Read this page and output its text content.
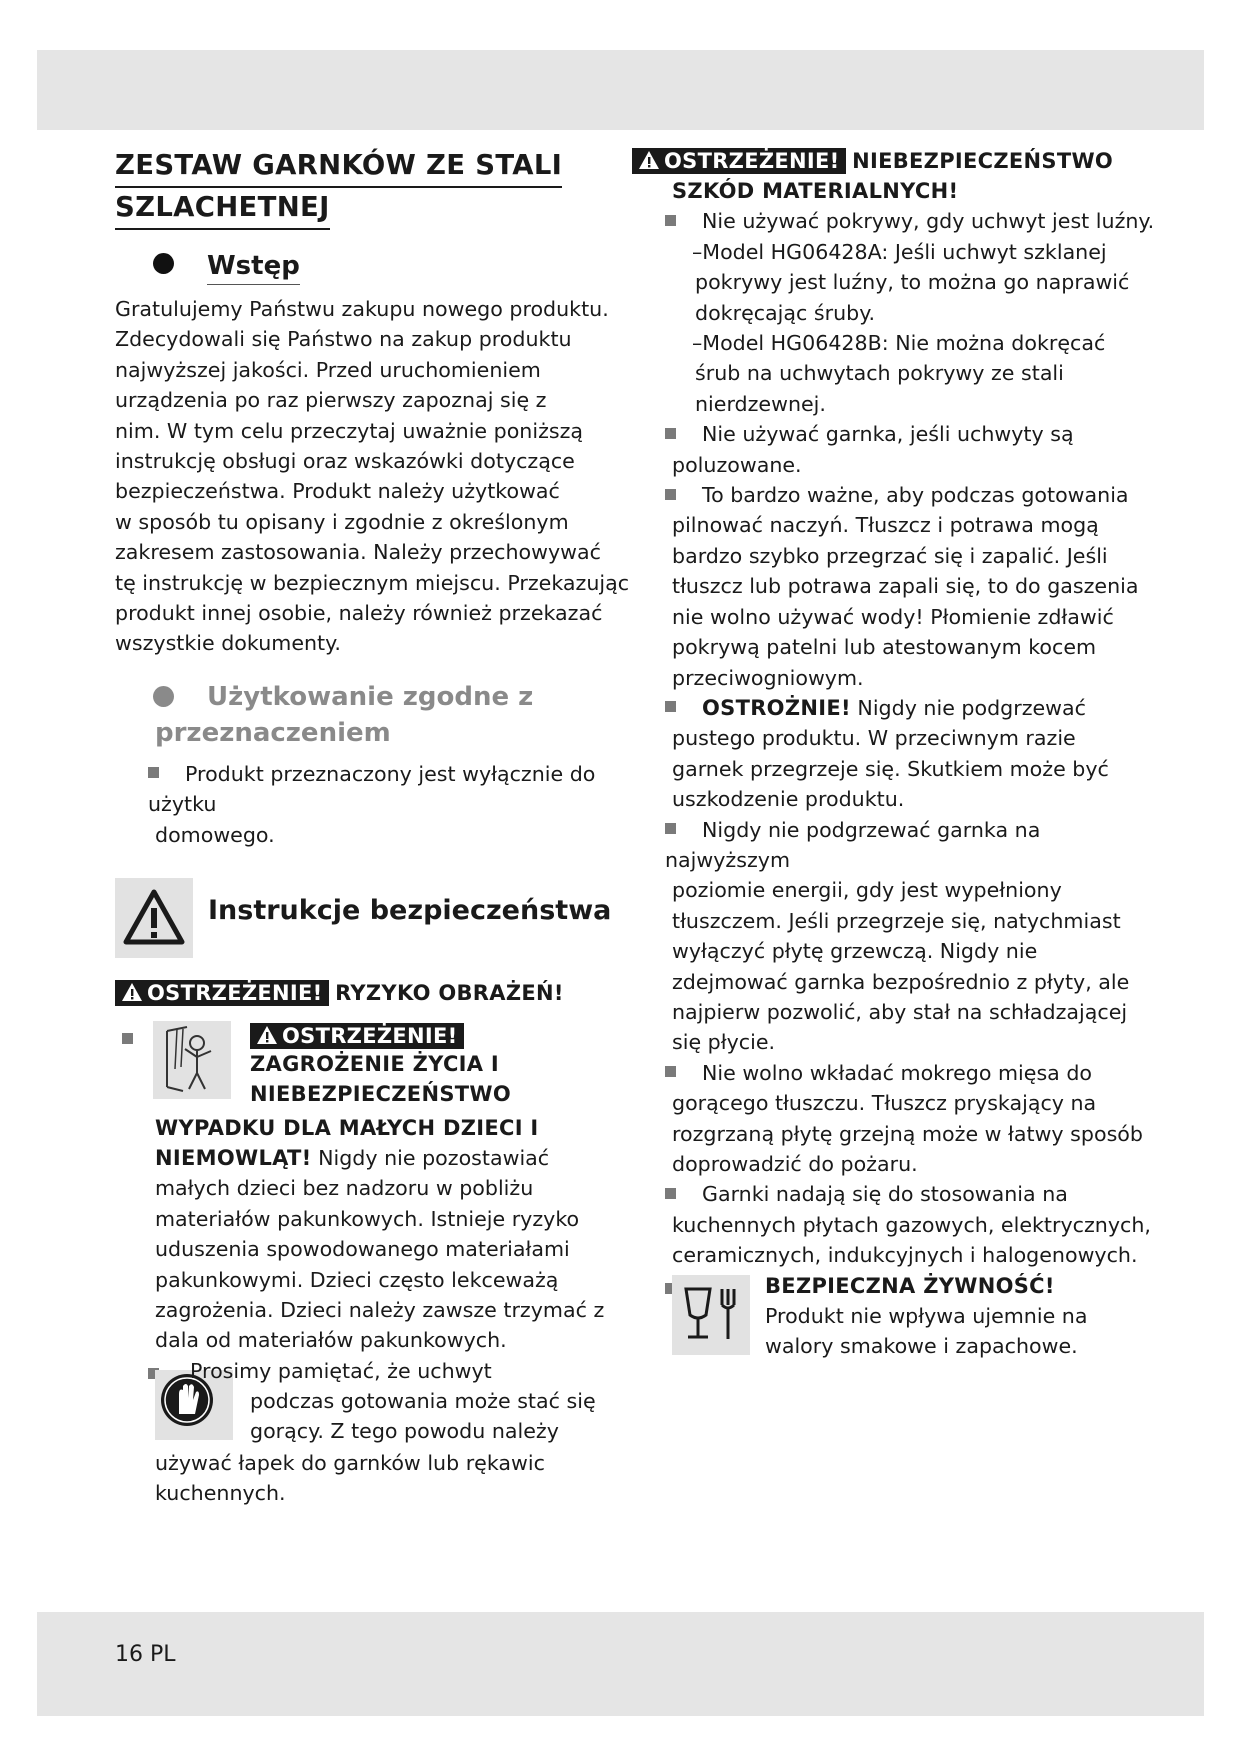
ZESTAW GARNKÓW ZE STALI
SZLACHETNEJ
Wstęp

Gratulujemy Państwu zakupu nowego produktu.

Zdecydowali się Państwo na zakup produktu

najwyższej jakości. Przed uruchomieniem

urządzenia po raz pierwszy zapoznaj się z

nim. W tym celu przeczytaj uważnie poniższą

instrukcję obsługi oraz wskazówki dotyczące

bezpieczeństwa. Produkt należy użytkować

w sposób tu opisany i zgodnie z określonym

zakresem zastosowania. Należy przechowywać

tę instrukcję w bezpiecznym miejscu. Przekazując

produkt innej osobie, należy również przekazać

wszystkie dokumenty.

Użytkowanie zgodne z
przeznaczeniem

Produkt przeznaczony jest wyłącznie do użytku

domowego.

Instrukcje bezpieczeństwa
OSTRZEŻENIE! RYZYKO OBRAŻEŃ!
OSTRZEŻENIE!
ZAGROŻENIE ŻYCIA I
NIEBEZPIECZEŃSTWO

WYPADKU DLA MAŁYCH DZIECI I

NIEMOWLĄT! Nigdy nie pozostawiać

małych dzieci bez nadzoru w pobliżu

materiałów pakunkowych. Istnieje ryzyko

uduszenia spowodowanego materiałami

pakunkowymi. Dzieci często lekceważą

zagrożenia. Dzieci należy zawsze trzymać z

dala od materiałów pakunkowych.

Prosimy pamiętać, że uchwyt
podczas gotowania może stać się
gorący. Z tego powodu należy

używać łapek do garnków lub rękawic

kuchennych.

OSTRZEŻENIE! NIEBEZPIECZEŃSTWO

SZKÓD MATERIALNYCH!

Nie używać pokrywy, gdy uchwyt jest luźny.

–Model HG06428A: Jeśli uchwyt szklanej

pokrywy jest luźny, to można go naprawić

dokręcając śruby.

–Model HG06428B: Nie można dokręcać

śrub na uchwytach pokrywy ze stali

nierdzewnej.

Nie używać garnka, jeśli uchwyty są

poluzowane.

To bardzo ważne, aby podczas gotowania

pilnować naczyń. Tłuszcz i potrawa mogą

bardzo szybko przegrzać się i zapalić. Jeśli

tłuszcz lub potrawa zapali się, to do gaszenia

nie wolno używać wody! Płomienie zdławić

pokrywą patelni lub atestowanym kocem

przeciwogniowym.

OSTROŻNIE! Nigdy nie podgrzewać

pustego produktu. W przeciwnym razie

garnek przegrzeje się. Skutkiem może być

uszkodzenie produktu.

Nigdy nie podgrzewać garnka na najwyższym

poziomie energii, gdy jest wypełniony

tłuszczem. Jeśli przegrzeje się, natychmiast

wyłączyć płytę grzewczą. Nigdy nie

zdejmować garnka bezpośrednio z płyty, ale

najpierw pozwolić, aby stał na schładzającej

się płycie.

Nie wolno wkładać mokrego mięsa do

gorącego tłuszczu. Tłuszcz pryskający na

rozgrzaną płytę grzejną może w łatwy sposób

doprowadzić do pożaru.

Garnki nadają się do stosowania na

kuchennych płytach gazowych, elektrycznych,

ceramicznych, indukcyjnych i halogenowych.

BEZPIECZNA ŻYWNOŚĆ!
Produkt nie wpływa ujemnie na
walory smakowe i zapachowe.
16 PL
